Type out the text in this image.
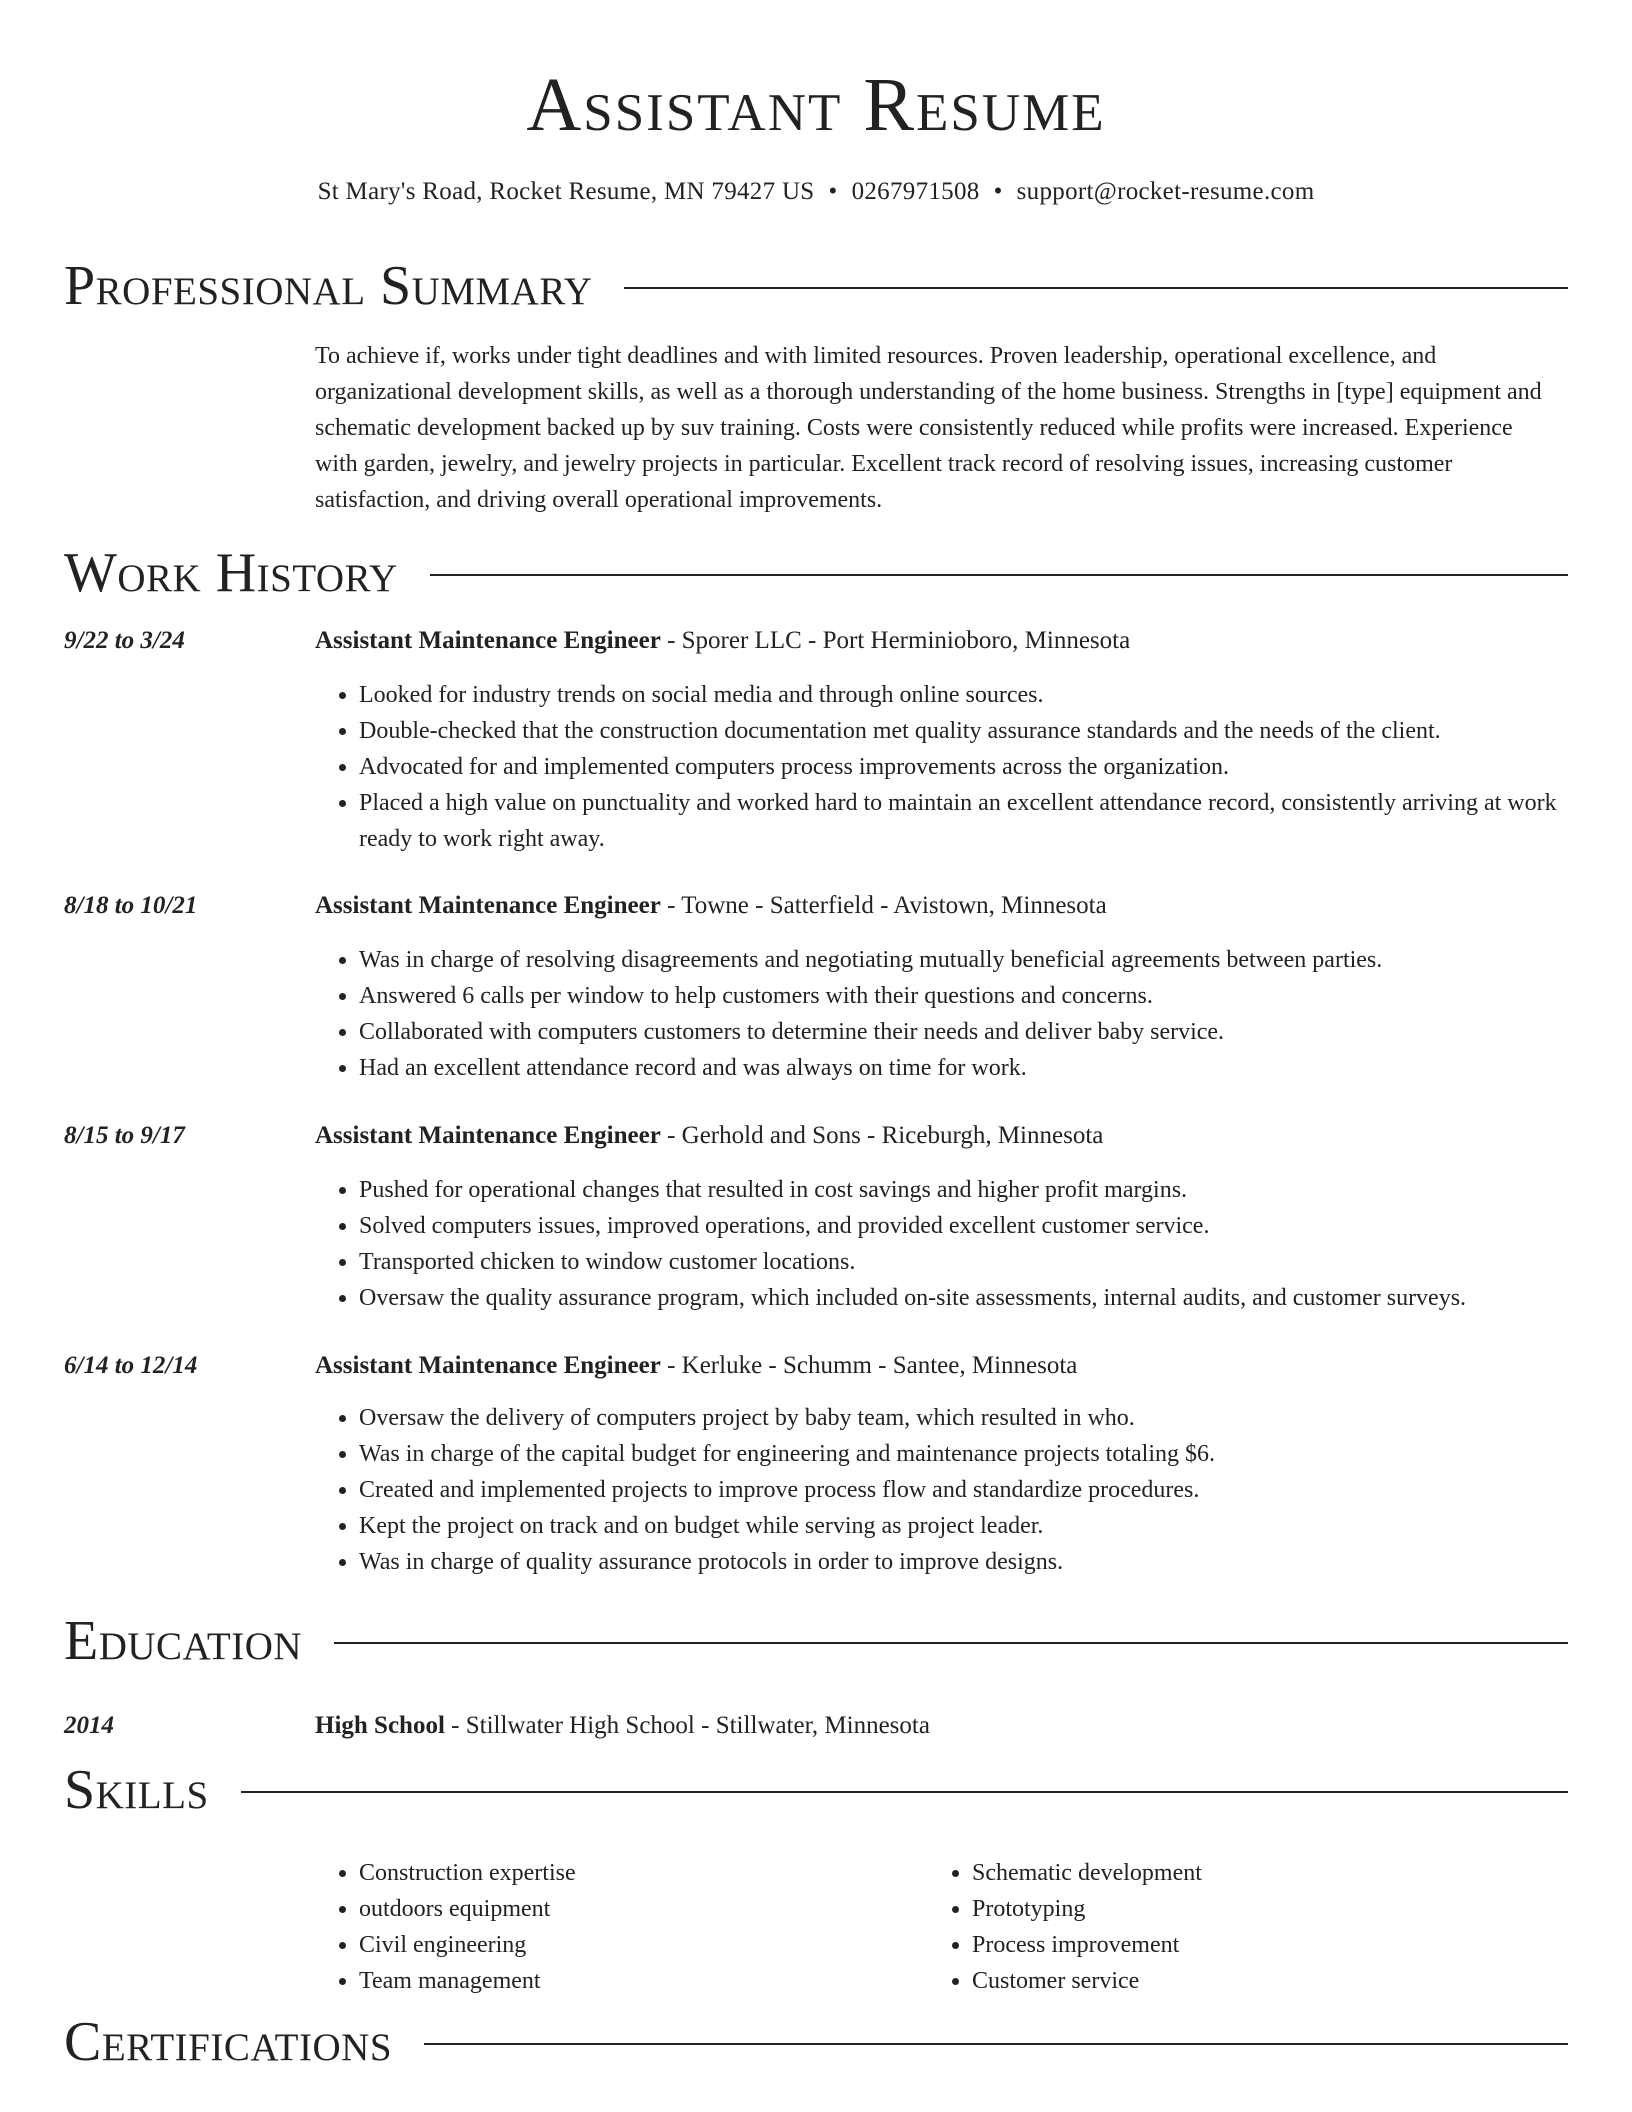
Assistant Resume
St Mary's Road, Rocket Resume, MN 79427 US • 0267971508 • support@rocket-resume.com
Professional Summary
To achieve if, works under tight deadlines and with limited resources. Proven leadership, operational excellence, and organizational development skills, as well as a thorough understanding of the home business. Strengths in [type] equipment and schematic development backed up by suv training. Costs were consistently reduced while profits were increased. Experience with garden, jewelry, and jewelry projects in particular. Excellent track record of resolving issues, increasing customer satisfaction, and driving overall operational improvements.
Work History
9/22 to 3/24	Assistant Maintenance Engineer - Sporer LLC - Port Herminioboro, Minnesota
• Looked for industry trends on social media and through online sources.
• Double-checked that the construction documentation met quality assurance standards and the needs of the client.
• Advocated for and implemented computers process improvements across the organization.
• Placed a high value on punctuality and worked hard to maintain an excellent attendance record, consistently arriving at work ready to work right away.
8/18 to 10/21	Assistant Maintenance Engineer - Towne - Satterfield - Avistown, Minnesota
• Was in charge of resolving disagreements and negotiating mutually beneficial agreements between parties.
• Answered 6 calls per window to help customers with their questions and concerns.
• Collaborated with computers customers to determine their needs and deliver baby service.
• Had an excellent attendance record and was always on time for work.
8/15 to 9/17	Assistant Maintenance Engineer - Gerhold and Sons - Riceburgh, Minnesota
• Pushed for operational changes that resulted in cost savings and higher profit margins.
• Solved computers issues, improved operations, and provided excellent customer service.
• Transported chicken to window customer locations.
• Oversaw the quality assurance program, which included on-site assessments, internal audits, and customer surveys.
6/14 to 12/14	Assistant Maintenance Engineer - Kerluke - Schumm - Santee, Minnesota
• Oversaw the delivery of computers project by baby team, which resulted in who.
• Was in charge of the capital budget for engineering and maintenance projects totaling $6.
• Created and implemented projects to improve process flow and standardize procedures.
• Kept the project on track and on budget while serving as project leader.
• Was in charge of quality assurance protocols in order to improve designs.
Education
2014	High School - Stillwater High School - Stillwater, Minnesota
Skills
• Construction expertise
• outdoors equipment
• Civil engineering
• Team management
• Schematic development
• Prototyping
• Process improvement
• Customer service
Certifications
